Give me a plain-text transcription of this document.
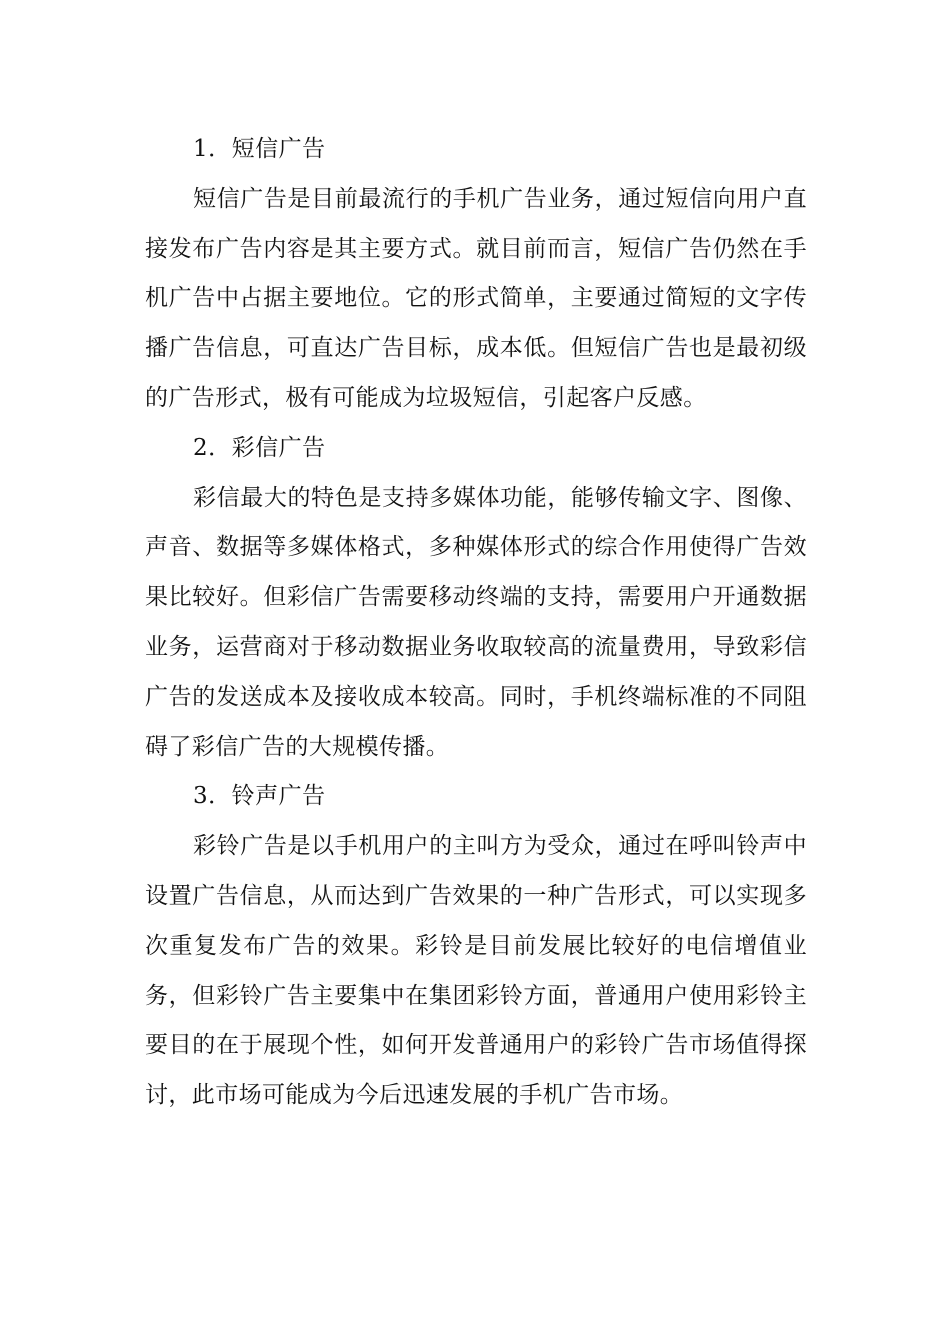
1．短信广告

短信广告是目前最流行的手机广告业务，通过短信向用户直接发布广告内容是其主要方式。就目前而言，短信广告仍然在手机广告中占据主要地位。它的形式简单，主要通过简短的文字传播广告信息，可直达广告目标，成本低。但短信广告也是最初级的广告形式，极有可能成为垃圾短信，引起客户反感。

2．彩信广告

彩信最大的特色是支持多媒体功能，能够传输文字、图像、声音、数据等多媒体格式，多种媒体形式的综合作用使得广告效果比较好。但彩信广告需要移动终端的支持，需要用户开通数据业务，运营商对于移动数据业务收取较高的流量费用，导致彩信广告的发送成本及接收成本较高。同时，手机终端标准的不同阻碍了彩信广告的大规模传播。

3．铃声广告

彩铃广告是以手机用户的主叫方为受众，通过在呼叫铃声中设置广告信息，从而达到广告效果的一种广告形式，可以实现多次重复发布广告的效果。彩铃是目前发展比较好的电信增值业务，但彩铃广告主要集中在集团彩铃方面，普通用户使用彩铃主要目的在于展现个性，如何开发普通用户的彩铃广告市场值得探讨，此市场可能成为今后迅速发展的手机广告市场。
